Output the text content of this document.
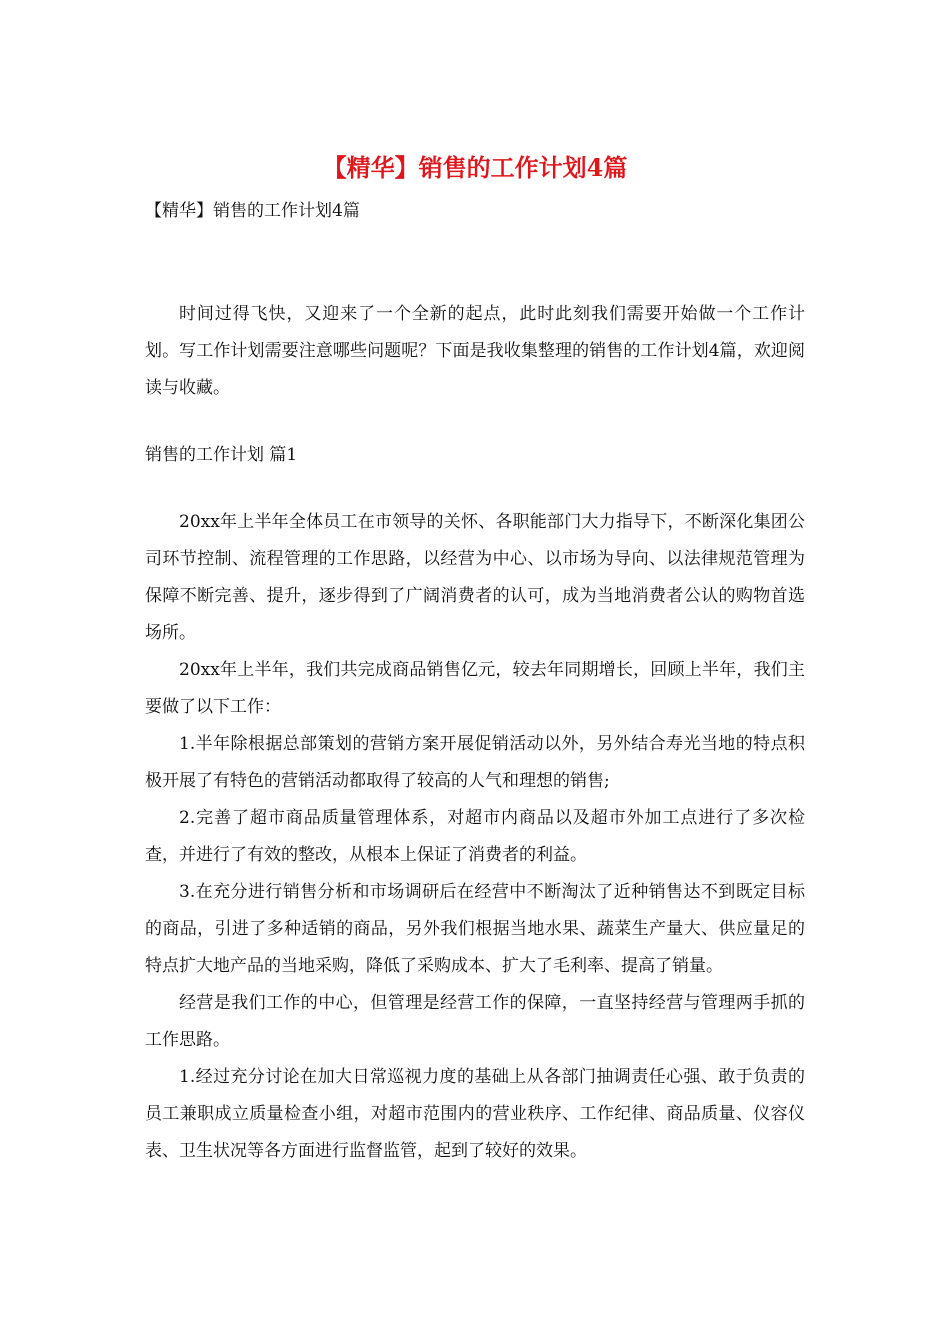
【精华】销售的工作计划4篇

【精华】销售的工作计划4篇

时间过得飞快，又迎来了一个全新的起点，此时此刻我们需要开始做一个工作计划。写工作计划需要注意哪些问题呢？下面是我收集整理的销售的工作计划4篇，欢迎阅读与收藏。

销售的工作计划 篇1

20xx年上半年全体员工在市领导的关怀、各职能部门大力指导下，不断深化集团公司环节控制、流程管理的工作思路，以经营为中心、以市场为导向、以法律规范管理为保障不断完善、提升，逐步得到了广阔消费者的认可，成为当地消费者公认的购物首选场所。

20xx年上半年，我们共完成商品销售亿元，较去年同期增长，回顾上半年，我们主要做了以下工作：

1.半年除根据总部策划的营销方案开展促销活动以外，另外结合寿光当地的特点积极开展了有特色的营销活动都取得了较高的人气和理想的销售;

2.完善了超市商品质量管理体系，对超市内商品以及超市外加工点进行了多次检查，并进行了有效的整改，从根本上保证了消费者的利益。

3.在充分进行销售分析和市场调研后在经营中不断淘汰了近种销售达不到既定目标的商品，引进了多种适销的商品，另外我们根据当地水果、蔬菜生产量大、供应量足的特点扩大地产品的当地采购，降低了采购成本、扩大了毛利率、提高了销量。

经营是我们工作的中心，但管理是经营工作的保障，一直坚持经营与管理两手抓的工作思路。

1.经过充分讨论在加大日常巡视力度的基础上从各部门抽调责任心强、敢于负责的员工兼职成立质量检查小组，对超市范围内的营业秩序、工作纪律、商品质量、仪容仪表、卫生状况等各方面进行监督监管，起到了较好的效果。
